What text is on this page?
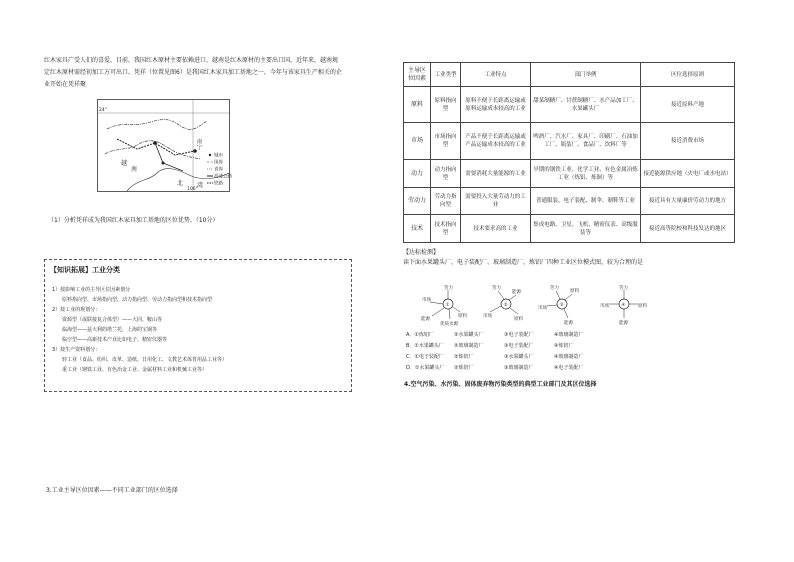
红木家具广受人们的喜爱，目前，我国红木原材主要依赖进口，越南是红木原材的主要出口国，近年来，越南规
定红木原材需经初加工方可出口。凭祥（位置见图6）是我国红木家具加工基地之一，今年与该家具生产相关的企
业开始在凭祥聚
城市
国界
省界
高速公路
铁路
24°
106°
越
南
北 湾
南
宁
（1）分析凭祥成为我国红木家具加工基地的区位优势。（10分）
【知识拓展】工业分类
1）按影响工业的主导区位因素划分
原料指向型、市场指向型、动力指向型、劳动力指向型和技术指向型
2）按工业的规划分：
资源型（或联接复合体型）——大同、鞍山等
临海型——兹大利的塔兰托，上海的宝钢等
临空型——高新技术产业比如电子、精密仪器等
3）按生产资料划分：
轻工业（食品、纺织、皮革、造纸、日用化工、文教艺术体育用品工业等）
重工业（钢铁工业、有色冶金工业、金属材料工业和机械工业等）
3.工业主导区位因素——不同工业部门的区位选择
主导区位因素	工业类型	工业特点	部门举例	区位选择原则
原料	原料指向型	原料不便于长距离运输或原料运输成本较高的工业	甜菜制糖厂、甘蔗制糖厂、水产品加工厂、水果罐头厂	接近原料产地
市场	市场指向型	产品不便于长距离运输或产品运输成本较高的工业	啤酒厂、汽水厂、家具厂、印刷厂、石油加工厂、瓶装厂、食品厂、饮料厂等	接近消费市场
动力	动力指向型	需要消耗大量能源的工业	早期的钢铁工业、化学工业、有色金属冶炼工业（炼铝、炼铜）等	接近能源供应地（火电厂或水电站）
劳动力	劳动力指向型	需要投入大量劳动力的工业	普通服装、电子装配、制伞、制鞋等工业	接近具有大量廉价劳动力的地方
技术	技术指向型	技术要求高的工业	集成电路、卫星、飞机、精密仪表、高级服装等	接近高等院校和科技发达的地区
【达标检测】
读下面水果罐头厂、电子装配厂、玻璃制造厂、炼铝厂四种工业区位模式图，较为合理的是
①
市场
劳力
原料
能源
优质水源
②
劳力
能源
市场
原料
③
劳力
原料
市场
能源
④
劳力
市场	原料
能源
A．①炼铝厂	②水果罐头厂	③电子装配厂	④玻璃制造厂
B．①水果罐头厂 ②玻璃制造厂	③电子装配厂	④炼铝厂
C．①电子装配厂 ②炼铝厂	③水果罐头厂	④玻璃制造厂
D．①水果罐头厂 ②炼铝厂	③玻璃制造厂	④电子装配厂
4.空气污染、水污染、固体废弃物污染类型的典型工业部门及其区位选择
